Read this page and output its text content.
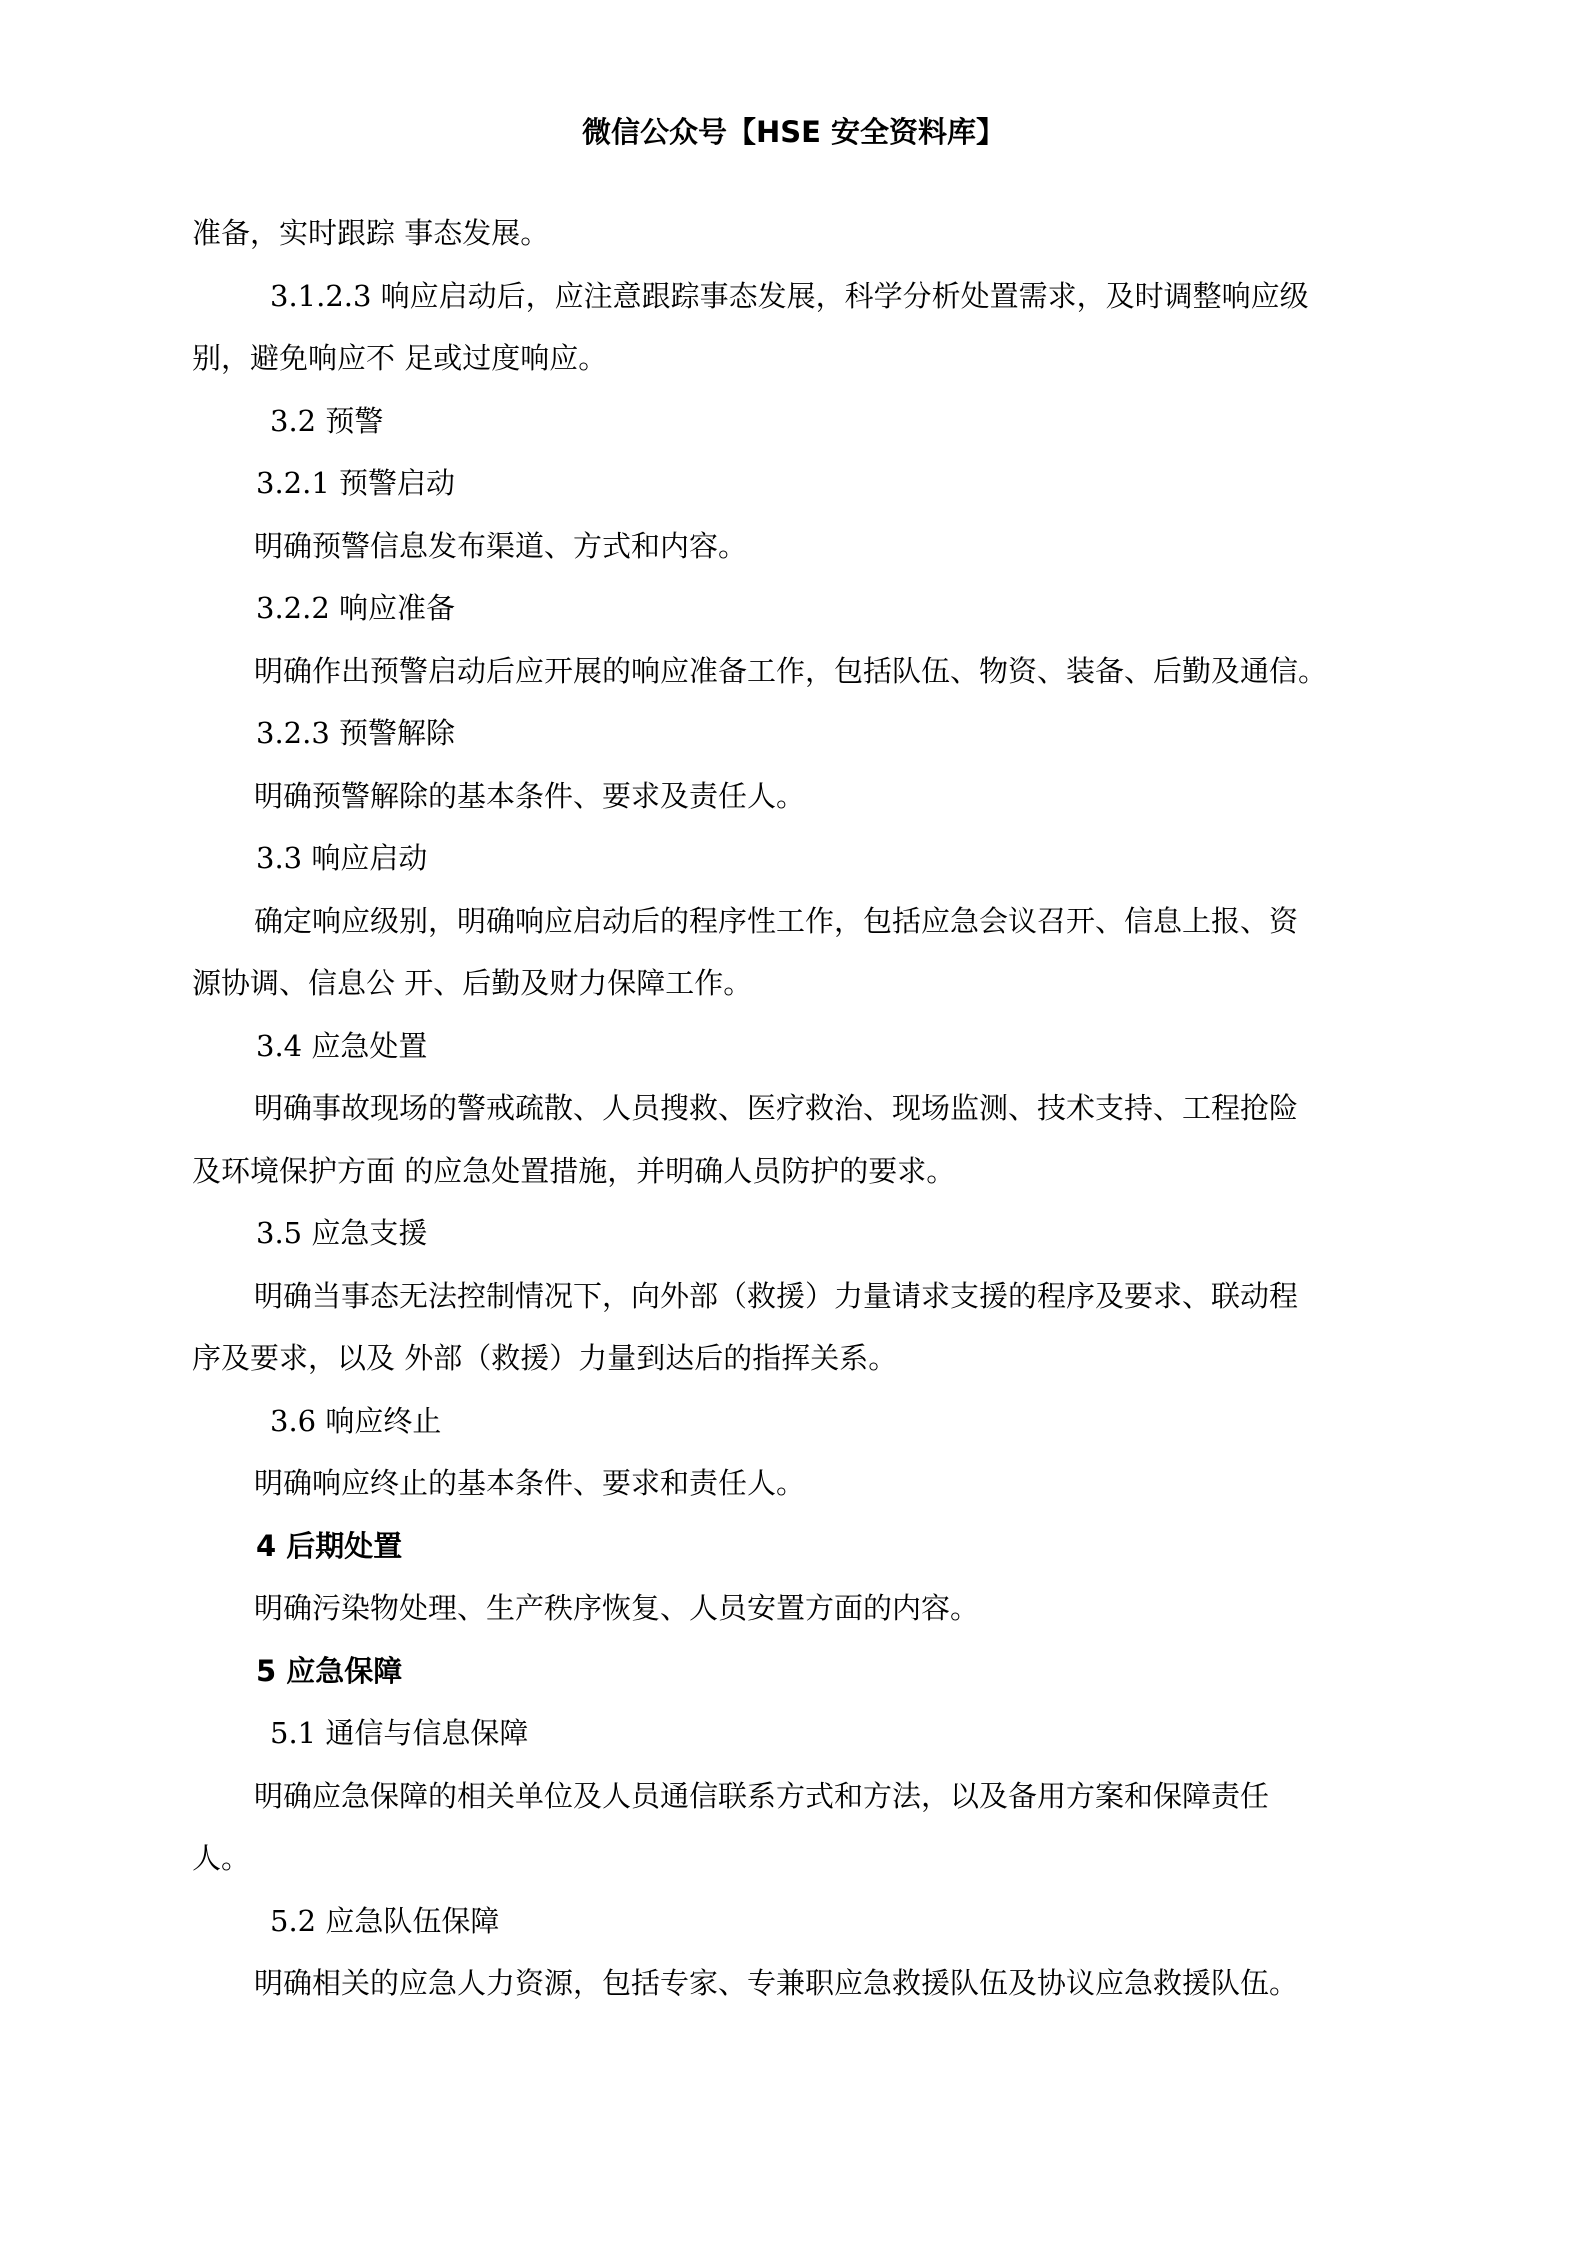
微信公众号【HSE 安全资料库】
准备，实时跟踪 事态发展。
3.1.2.3 响应启动后，应注意跟踪事态发展，科学分析处置需求，及时调整响应级
别，避免响应不 足或过度响应。
3.2 预警
3.2.1 预警启动
明确预警信息发布渠道、方式和内容。
3.2.2 响应准备
明确作出预警启动后应开展的响应准备工作，包括队伍、物资、装备、后勤及通信。
3.2.3 预警解除
明确预警解除的基本条件、要求及责任人。
3.3 响应启动
确定响应级别，明确响应启动后的程序性工作，包括应急会议召开、信息上报、资
源协调、信息公 开、后勤及财力保障工作。
3.4 应急处置
明确事故现场的警戒疏散、人员搜救、医疗救治、现场监测、技术支持、工程抢险
及环境保护方面 的应急处置措施，并明确人员防护的要求。
3.5 应急支援
明确当事态无法控制情况下，向外部（救援）力量请求支援的程序及要求、联动程
序及要求，以及 外部（救援）力量到达后的指挥关系。
3.6 响应终止
明确响应终止的基本条件、要求和责任人。
4 后期处置
明确污染物处理、生产秩序恢复、人员安置方面的内容。
5 应急保障
5.1 通信与信息保障
明确应急保障的相关单位及人员通信联系方式和方法，以及备用方案和保障责任
人。
5.2 应急队伍保障
明确相关的应急人力资源，包括专家、专兼职应急救援队伍及协议应急救援队伍。
